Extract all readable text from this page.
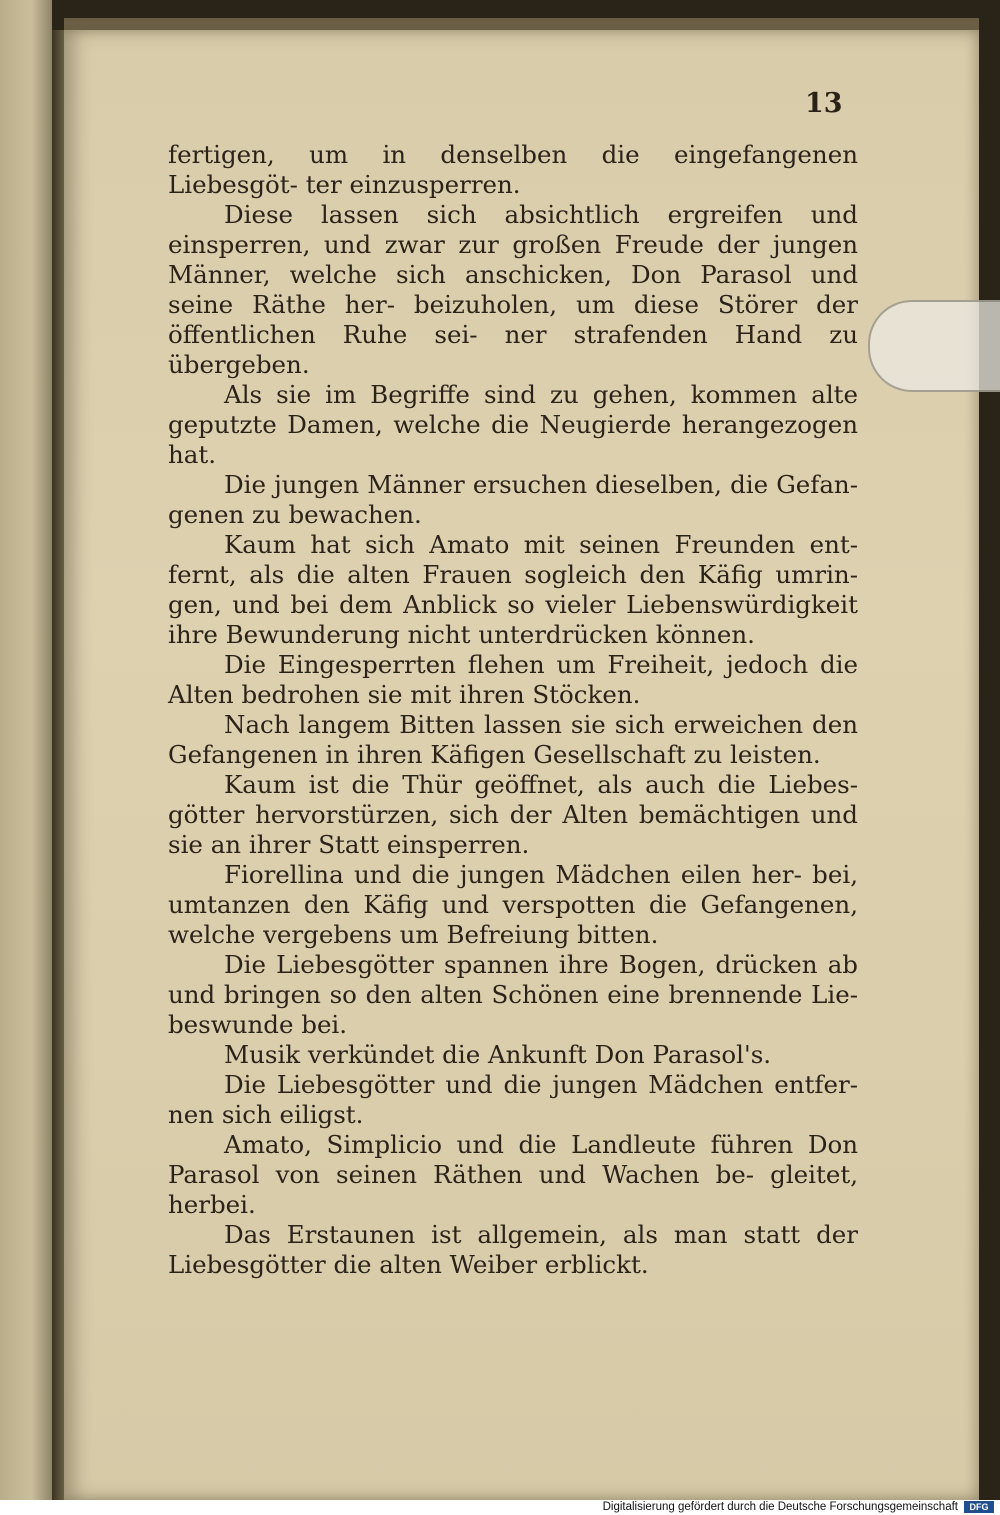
13

fertigen, um in denselben die eingefangenen Liebesgöt- ter einzusperren.

Diese lassen sich absichtlich ergreifen und einsperren, und zwar zur großen Freude der jungen Männer, welche sich anschicken, Don Parasol und seine Räthe her- beizuholen, um diese Störer der öffentlichen Ruhe sei- ner strafenden Hand zu übergeben.

Als sie im Begriffe sind zu gehen, kommen alte geputzte Damen, welche die Neugierde herangezogen hat.

Die jungen Männer ersuchen dieselben, die Gefan- genen zu bewachen.

Kaum hat sich Amato mit seinen Freunden ent- fernt, als die alten Frauen sogleich den Käfig umrin- gen, und bei dem Anblick so vieler Liebenswürdigkeit ihre Bewunderung nicht unterdrücken können.

Die Eingesperrten flehen um Freiheit, jedoch die Alten bedrohen sie mit ihren Stöcken.

Nach langem Bitten lassen sie sich erweichen den Gefangenen in ihren Käfigen Gesellschaft zu leisten.

Kaum ist die Thür geöffnet, als auch die Liebes- götter hervorstürzen, sich der Alten bemächtigen und sie an ihrer Statt einsperren.

Fiorellina und die jungen Mädchen eilen her- bei, umtanzen den Käfig und verspotten die Gefangenen, welche vergebens um Befreiung bitten.

Die Liebesgötter spannen ihre Bogen, drücken ab und bringen so den alten Schönen eine brennende Lie- beswunde bei.

Musik verkündet die Ankunft Don Parasol's.

Die Liebesgötter und die jungen Mädchen entfer- nen sich eiligst.

Amato, Simplicio und die Landleute führen Don Parasol von seinen Räthen und Wachen be- gleitet, herbei.

Das Erstaunen ist allgemein, als man statt der Liebesgötter die alten Weiber erblickt.

Digitalisierung gefördert durch die Deutsche Forschungsgemeinschaft	DFG
